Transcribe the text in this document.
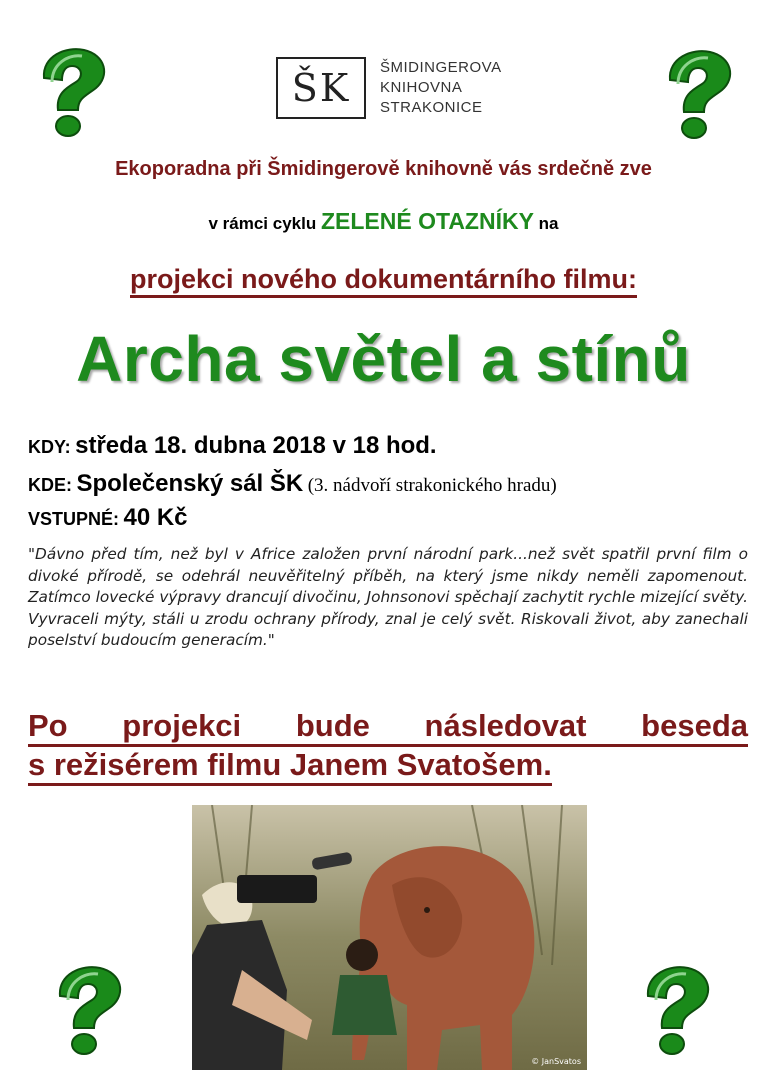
ŠK ŠMIDINGEROVA
KNIHOVNA
STRAKONICE
Ekoporadna při Šmidingerově knihovně vás srdečně zve
v rámci cyklu ZELENÉ OTAZNÍKY na
projekci nového dokumentárního filmu:
Archa světel a stínů
KDY: středa 18. dubna 2018 v 18 hod.
KDE: Společenský sál ŠK (3. nádvoří strakonického hradu)
VSTUPNÉ: 40 Kč
"Dávno před tím, než byl v Africe založen první národní park...než svět spatřil první film o divoké přírodě, se odehrál neuvěřitelný příběh, na který jsme nikdy neměli zapomenout. Zatímco lovecké výpravy drancují divočinu, Johnsonovi spěchají zachytit rychle mizející světy. Vyvraceli mýty, stáli u zrodu ochrany přírody, znal je celý svět. Riskovali život, aby zanechali poselství budoucím generacím."
Po projekci bude následovat beseda
s režisérem filmu Janem Svatošem.
© JanSvatos
